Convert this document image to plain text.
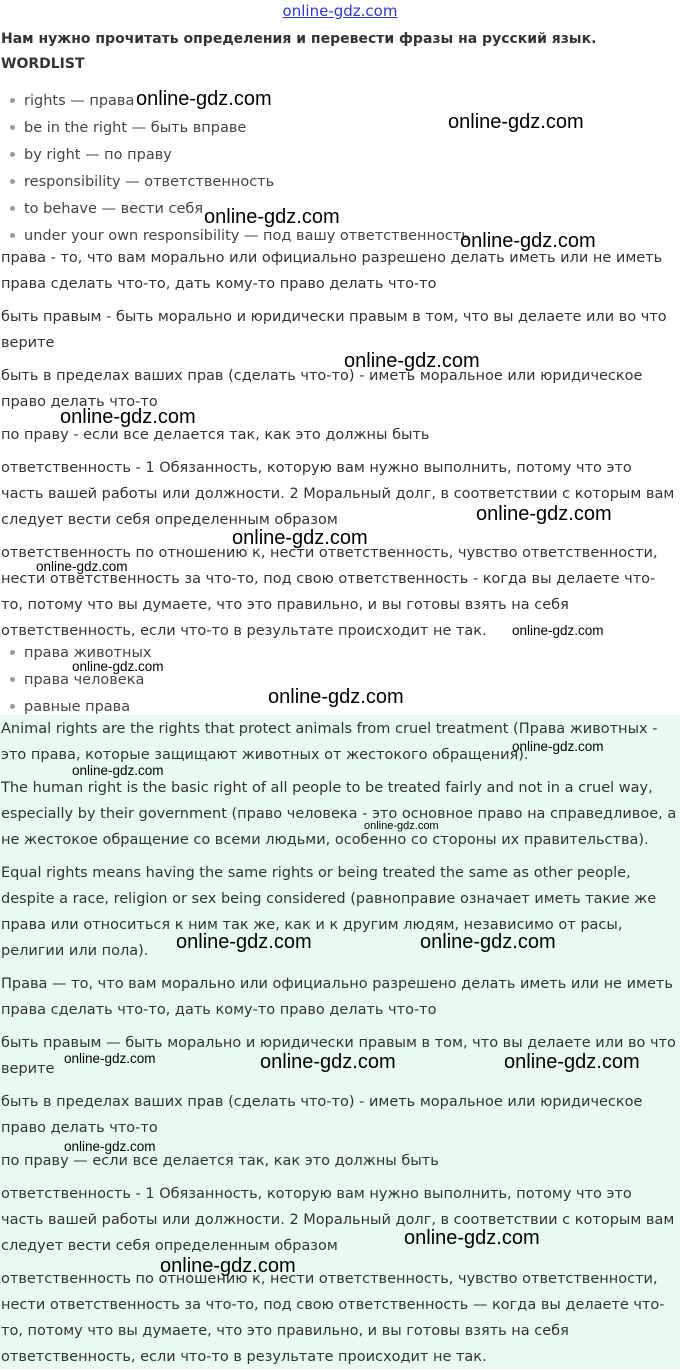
online-gdz.com
Нам нужно прочитать определения и перевести фразы на русский язык.
WORDLIST
rights — права
be in the right — быть вправе
by right — по праву
responsibility — ответственность
to behave — вести себя
under your own responsibility — под вашу ответственность

права - то, что вам морально или официально разрешено делать иметь или не иметь права сделать что-то, дать кому-то право делать что-то

быть правым - быть морально и юридически правым в том, что вы делаете или во что верите

быть в пределах ваших прав (сделать что-то) - иметь моральное или юридическое право делать что-то

по праву - если все делается так, как это должны быть

ответственность - 1 Обязанность, которую вам нужно выполнить, потому что это часть вашей работы или должности. 2 Моральный долг, в соответствии с которым вам следует вести себя определенным образом

ответственность по отношению к, нести ответственность, чувство ответственности, нести ответственность за что-то, под свою ответственность - когда вы делаете что-то, потому что вы думаете, что это правильно, и вы готовы взять на себя ответственность, если что-то в результате происходит не так.

права животных
права человека
равные права

Animal rights are the rights that protect animals from cruel treatment (Права животных - это права, которые защищают животных от жестокого обращения).

The human right is the basic right of all people to be treated fairly and not in a cruel way, especially by their government (право человека - это основное право на справедливое, а не жестокое обращение со всеми людьми, особенно со стороны их правительства).

Equal rights means having the same rights or being treated the same as other people, despite a race, religion or sex being considered (равноправие означает иметь такие же права или относиться к ним так же, как и к другим людям, независимо от расы, религии или пола).

Права — то, что вам морально или официально разрешено делать иметь или не иметь права сделать что-то, дать кому-то право делать что-то

быть правым — быть морально и юридически правым в том, что вы делаете или во что верите

быть в пределах ваших прав (сделать что-то) - иметь моральное или юридическое право делать что-то

по праву — если все делается так, как это должны быть

ответственность - 1 Обязанность, которую вам нужно выполнить, потому что это часть вашей работы или должности. 2 Моральный долг, в соответствии с которым вам следует вести себя определенным образом

ответственность по отношению к, нести ответственность, чувство ответственности, нести ответственность за что-то, под свою ответственность — когда вы делаете что-то, потому что вы думаете, что это правильно, и вы готовы взять на себя ответственность, если что-то в результате происходит не так.

online-gdz.com
online-gdz.com
online-gdz.com
online-gdz.com
online-gdz.com
online-gdz.com
online-gdz.com
online-gdz.com
online-gdz.com
online-gdz.com
online-gdz.com
online-gdz.com
online-gdz.com
online-gdz.com
online-gdz.com
online-gdz.com	online-gdz.com
online-gdz.com	online-gdz.com	online-gdz.com
online-gdz.com
online-gdz.com
online-gdz.com
